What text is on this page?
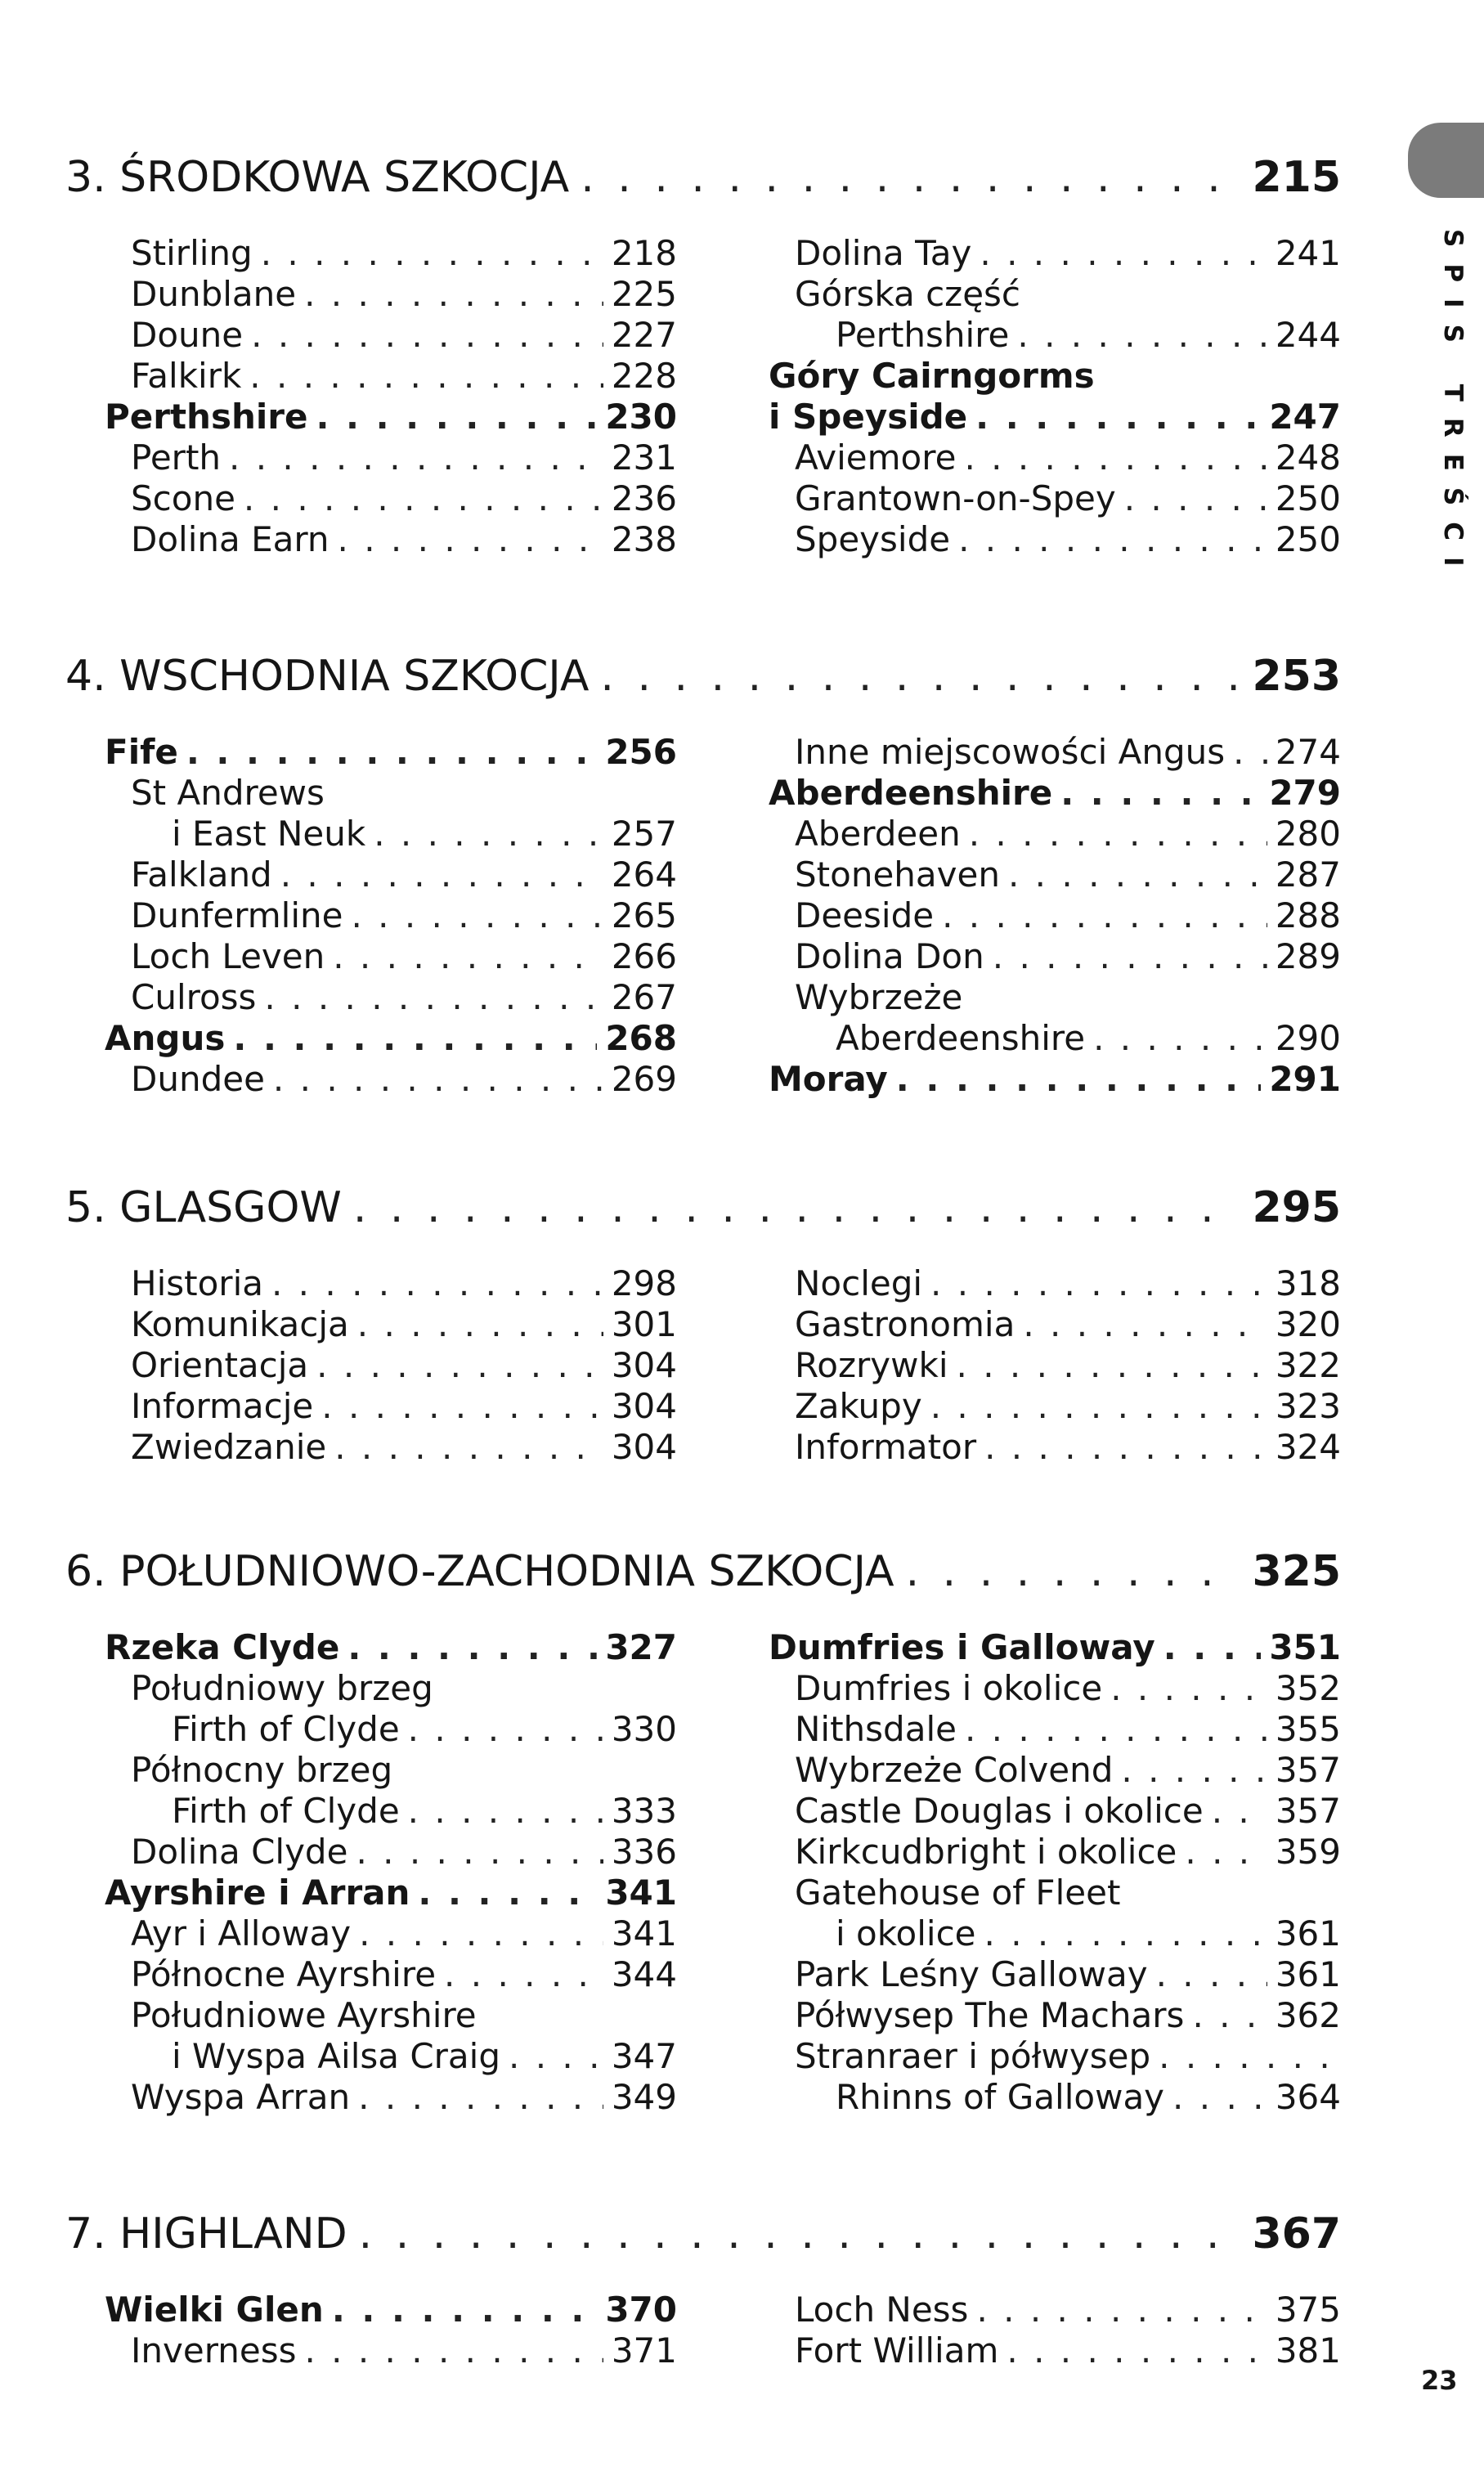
SPIS TREŚCI
23
3. ŚRODKOWA SZKOCJA . . .	215
Stirling . . .	218
Dunblane . . .	225
Doune . . .	227
Falkirk . . .	228
Perthshire . . .	230
Perth . . .	231
Scone . . .	236
Dolina Earn . . .	238
Dolina Tay . . .	241
Górska część
Perthshire . . .	244
Góry Cairngorms
i Speyside . . .	247
Aviemore . . .	248
Grantown-on-Spey . . .	250
Speyside . . .	250
4. WSCHODNIA SZKOCJA . . .	253
Fife . . .	256
St Andrews
i East Neuk . . .	257
Falkland . . .	264
Dunfermline . . .	265
Loch Leven . . .	266
Culross . . .	267
Angus . . .	268
Dundee . . .	269
Inne miejscowości Angus . . . 274
Aberdeenshire . . .	279
Aberdeen . . .	280
Stonehaven . . .	287
Deeside . . .	288
Dolina Don . . .	289
Wybrzeże
Aberdeenshire . . .	290
Moray . . .	291
5. GLASGOW . . .	295
Historia . . .	298
Komunikacja . . .	301
Orientacja . . .	304
Informacje . . .	304
Zwiedzanie . . .	304
Noclegi . . .	318
Gastronomia . . .	320
Rozrywki . . .	322
Zakupy . . .	323
Informator . . .	324
6. POŁUDNIOWO-ZACHODNIA SZKOCJA . . .	325
Rzeka Clyde . . .	327
Południowy brzeg
Firth of Clyde . . .	330
Północny brzeg
Firth of Clyde . . .	333
Dolina Clyde . . .	336
Ayrshire i Arran . . .	341
Ayr i Alloway . . .	341
Północne Ayrshire . . .	344
Południowe Ayrshire
i Wyspa Ailsa Craig . . .	347
Wyspa Arran . . .	349
Dumfries i Galloway . . .	351
Dumfries i okolice . . .	352
Nithsdale . . .	355
Wybrzeże Colvend . . .	357
Castle Douglas i okolice . . . 357
Kirkcudbright i okolice . . .	359
Gatehouse of Fleet
i okolice . . .	361
Park Leśny Galloway . . .	361
Półwysep The Machars . . .	362
Stranraer i półwysep
. . .
Rhinns of Galloway . . .	364
7. HIGHLAND . . .	367
Wielki Glen . . .	370
Inverness . . .	371
Loch Ness . . .	375
Fort William . . .	381
